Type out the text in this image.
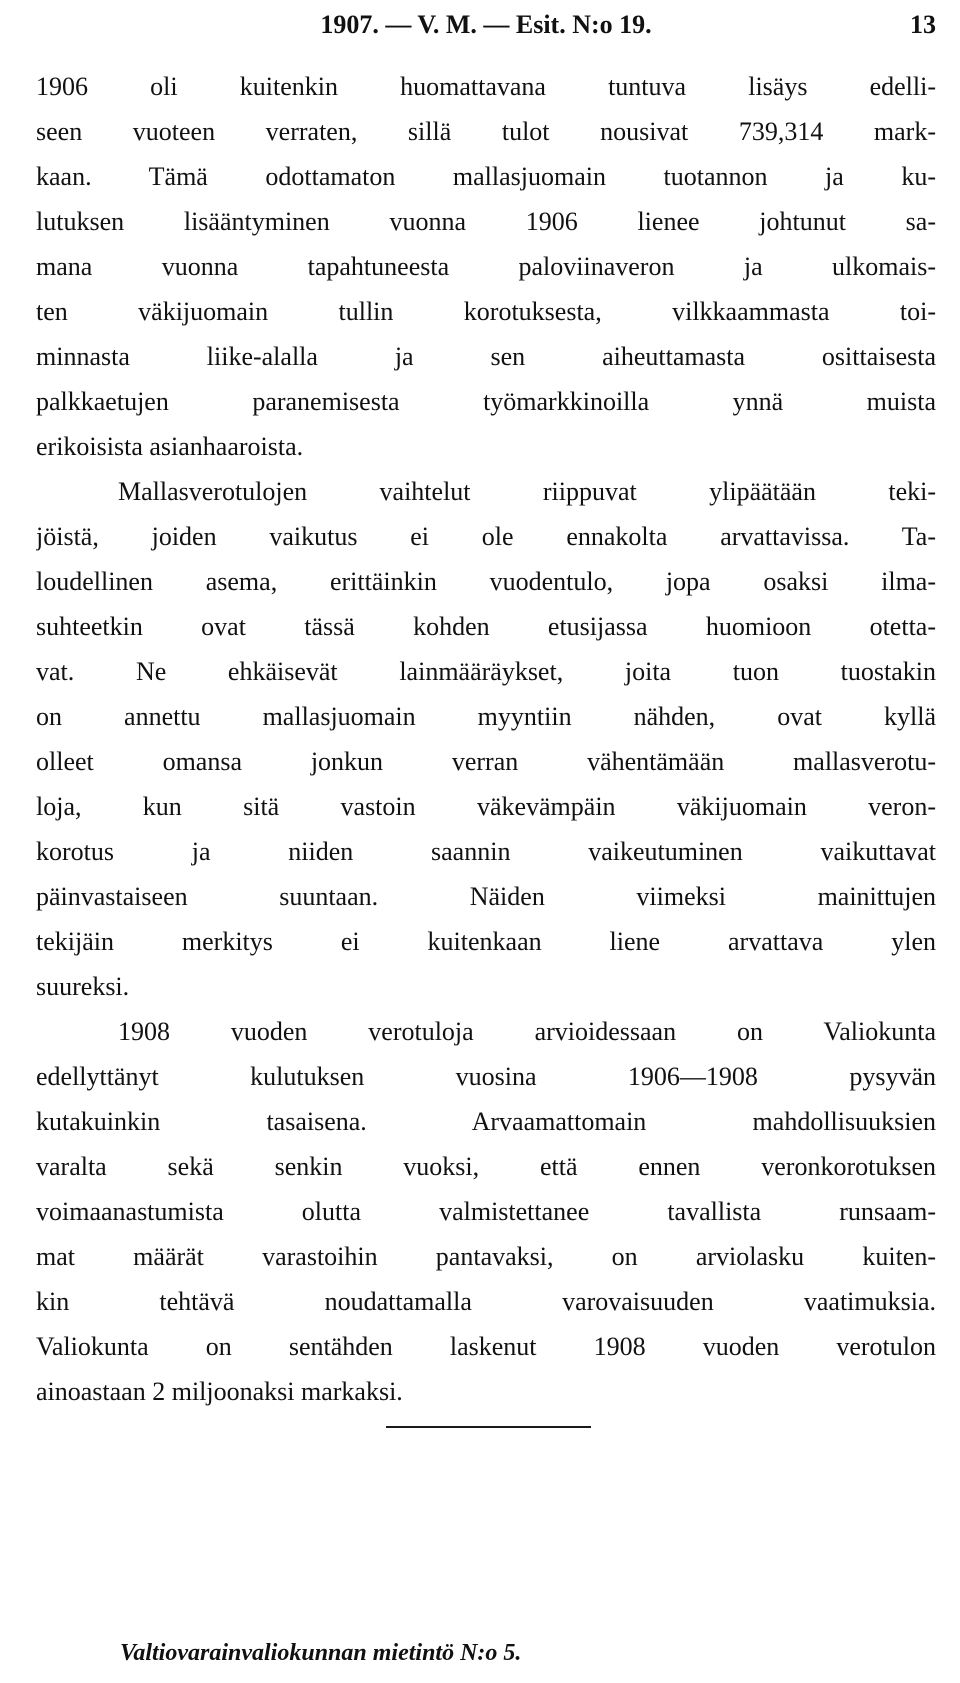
1907. — V. M. — Esit. N:o 19.	13
1906 oli kuitenkin huomattavana tuntuva lisäys edelli-
seen vuoteen verraten, sillä tulot nousivat 739,314 mark-
kaan. Tämä odottamaton mallasjuomain tuotannon ja ku-
lutuksen lisääntyminen vuonna 1906 lienee johtunut sa-
mana vuonna tapahtuneesta paloviinaveron ja ulkomais-
ten väkijuomain tullin korotuksesta, vilkkaammasta toi-
minnasta liike-alalla ja sen aiheuttamasta osittaisesta
palkkaetujen paranemisesta työmarkkinoilla ynnä muista
erikoisista asianhaaroista.
Mallasverotulojen vaihtelut riippuvat ylipäätään teki-
jöistä, joiden vaikutus ei ole ennakolta arvattavissa. Ta-
loudellinen asema, erittäinkin vuodentulo, jopa osaksi ilma-
suhteetkin ovat tässä kohden etusijassa huomioon otetta-
vat. Ne ehkäisevät lainmääräykset, joita tuon tuostakin
on annettu mallasjuomain myyntiin nähden, ovat kyllä
olleet omansa jonkun verran vähentämään mallasverotu-
loja, kun sitä vastoin väkevämpäin väkijuomain veron-
korotus ja niiden saannin vaikeutuminen vaikuttavat
päinvastaiseen suuntaan. Näiden viimeksi mainittujen
tekijäin merkitys ei kuitenkaan liene arvattava ylen
suureksi.
1908 vuoden verotuloja arvioidessaan on Valiokunta
edellyttänyt kulutuksen vuosina 1906—1908 pysyvän
kutakuinkin tasaisena. Arvaamattomain mahdollisuuksien
varalta sekä senkin vuoksi, että ennen veronkorotuksen
voimaanastumista olutta valmistettanee tavallista runsaam-
mat määrät varastoihin pantavaksi, on arviolasku kuiten-
kin tehtävä noudattamalla varovaisuuden vaatimuksia.
Valiokunta on sentähden laskenut 1908 vuoden verotulon
ainoastaan 2 miljoonaksi markaksi.
Valtiovarainvaliokunnan mietintö N:o 5.
